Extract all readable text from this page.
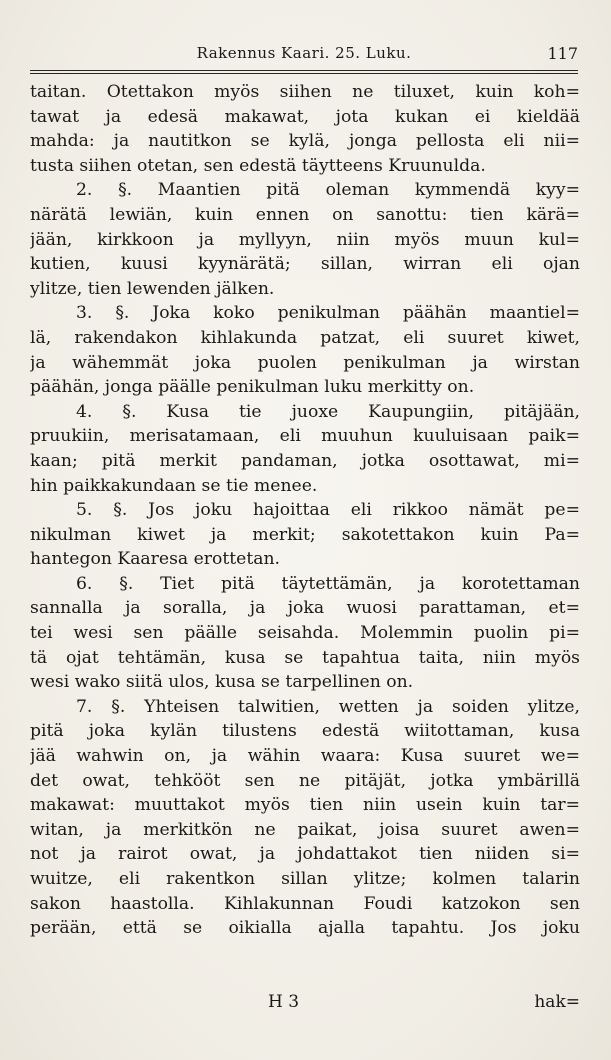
Rakennus Kaari. 25. Luku.	117
taitan. Otettakon myös siihen ne tiluxet, kuin koh=
tawat ja edesä makawat, jota kukan ei kieldää
mahda: ja nautitkon se kylä, jonga pellosta eli nii=
tusta siihen otetan, sen edestä täytteens Kruunulda.
2. §. Maantien pitä oleman kymmendä kyy=
närätä lewiän, kuin ennen on sanottu: tien kärä=
jään, kirkkoon ja myllyyn, niin myös muun kul=
kutien, kuusi kyynärätä; sillan, wirran eli ojan
ylitze, tien lewenden jälken.
3. §. Joka koko penikulman päähän maantiel=
lä, rakendakon kihlakunda patzat, eli suuret kiwet,
ja wähemmät joka puolen penikulman ja wirstan
päähän, jonga päälle penikulman luku merkitty on.
4. §. Kusa tie juoxe Kaupungiin, pitäjään,
pruukiin, merisatamaan, eli muuhun kuuluisaan paik=
kaan; pitä merkit pandaman, jotka osottawat, mi=
hin paikkakundaan se tie menee.
5. §. Jos joku hajoittaa eli rikkoo nämät pe=
nikulman kiwet ja merkit; sakotettakon kuin Pa=
hantegon Kaaresa erottetan.
6. §. Tiet pitä täytettämän, ja korotettaman
sannalla ja soralla, ja joka wuosi parattaman, et=
tei wesi sen päälle seisahda. Molemmin puolin pi=
tä ojat tehtämän, kusa se tapahtua taita, niin myös
wesi wako siitä ulos, kusa se tarpellinen on.
7. §. Yhteisen talwitien, wetten ja soiden ylitze,
pitä joka kylän tilustens edestä wiitottaman, kusa
jää wahwin on, ja wähin waara: Kusa suuret we=
det owat, tehkööt sen ne pitäjät, jotka ymbärillä
makawat: muuttakot myös tien niin usein kuin tar=
witan, ja merkitkön ne paikat, joisa suuret awen=
not ja rairot owat, ja johdattakot tien niiden si=
wuitze, eli rakentkon sillan ylitze; kolmen talarin
sakon haastolla. Kihlakunnan Foudi katzokon sen
perään, että se oikialla ajalla tapahtu. Jos joku
H 3	hak=
